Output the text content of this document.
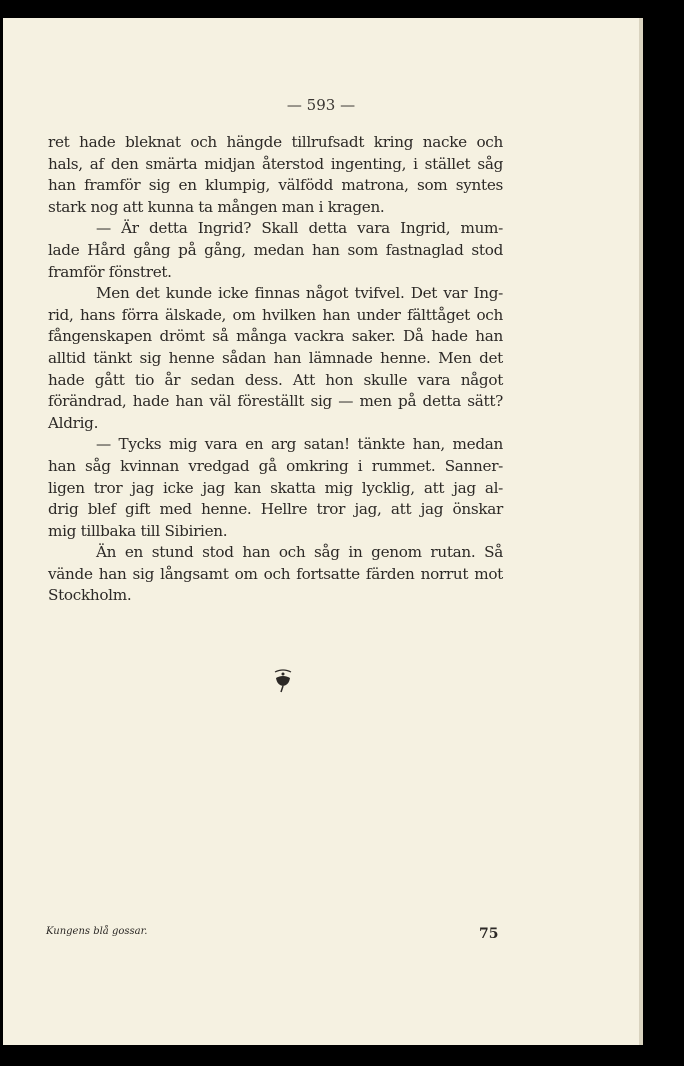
— 593 —
ret hade bleknat och hängde tillrufsadt kring nacke och
hals, af den smärta midjan återstod ingenting, i stället såg
han framför sig en klumpig, välfödd matrona, som syntes
stark nog att kunna ta mången man i kragen.
— Är detta Ingrid? Skall detta vara Ingrid, mum-
lade Hård gång på gång, medan han som fastnaglad stod
framför fönstret.
Men det kunde icke finnas något tvifvel. Det var Ing-
rid, hans förra älskade, om hvilken han under fälttåget och
fångenskapen drömt så många vackra saker. Då hade han
alltid tänkt sig henne sådan han lämnade henne. Men det
hade gått tio år sedan dess. Att hon skulle vara något
förändrad, hade han väl föreställt sig — men på detta sätt?
Aldrig.
— Tycks mig vara en arg satan! tänkte han, medan
han såg kvinnan vredgad gå omkring i rummet. Sanner-
ligen tror jag icke jag kan skatta mig lycklig, att jag al-
drig blef gift med henne. Hellre tror jag, att jag önskar
mig tillbaka till Sibirien.
Än en stund stod han och såg in genom rutan. Så
vände han sig långsamt om och fortsatte färden norrut mot
Stockholm.
Kungens blå gossar.	75
